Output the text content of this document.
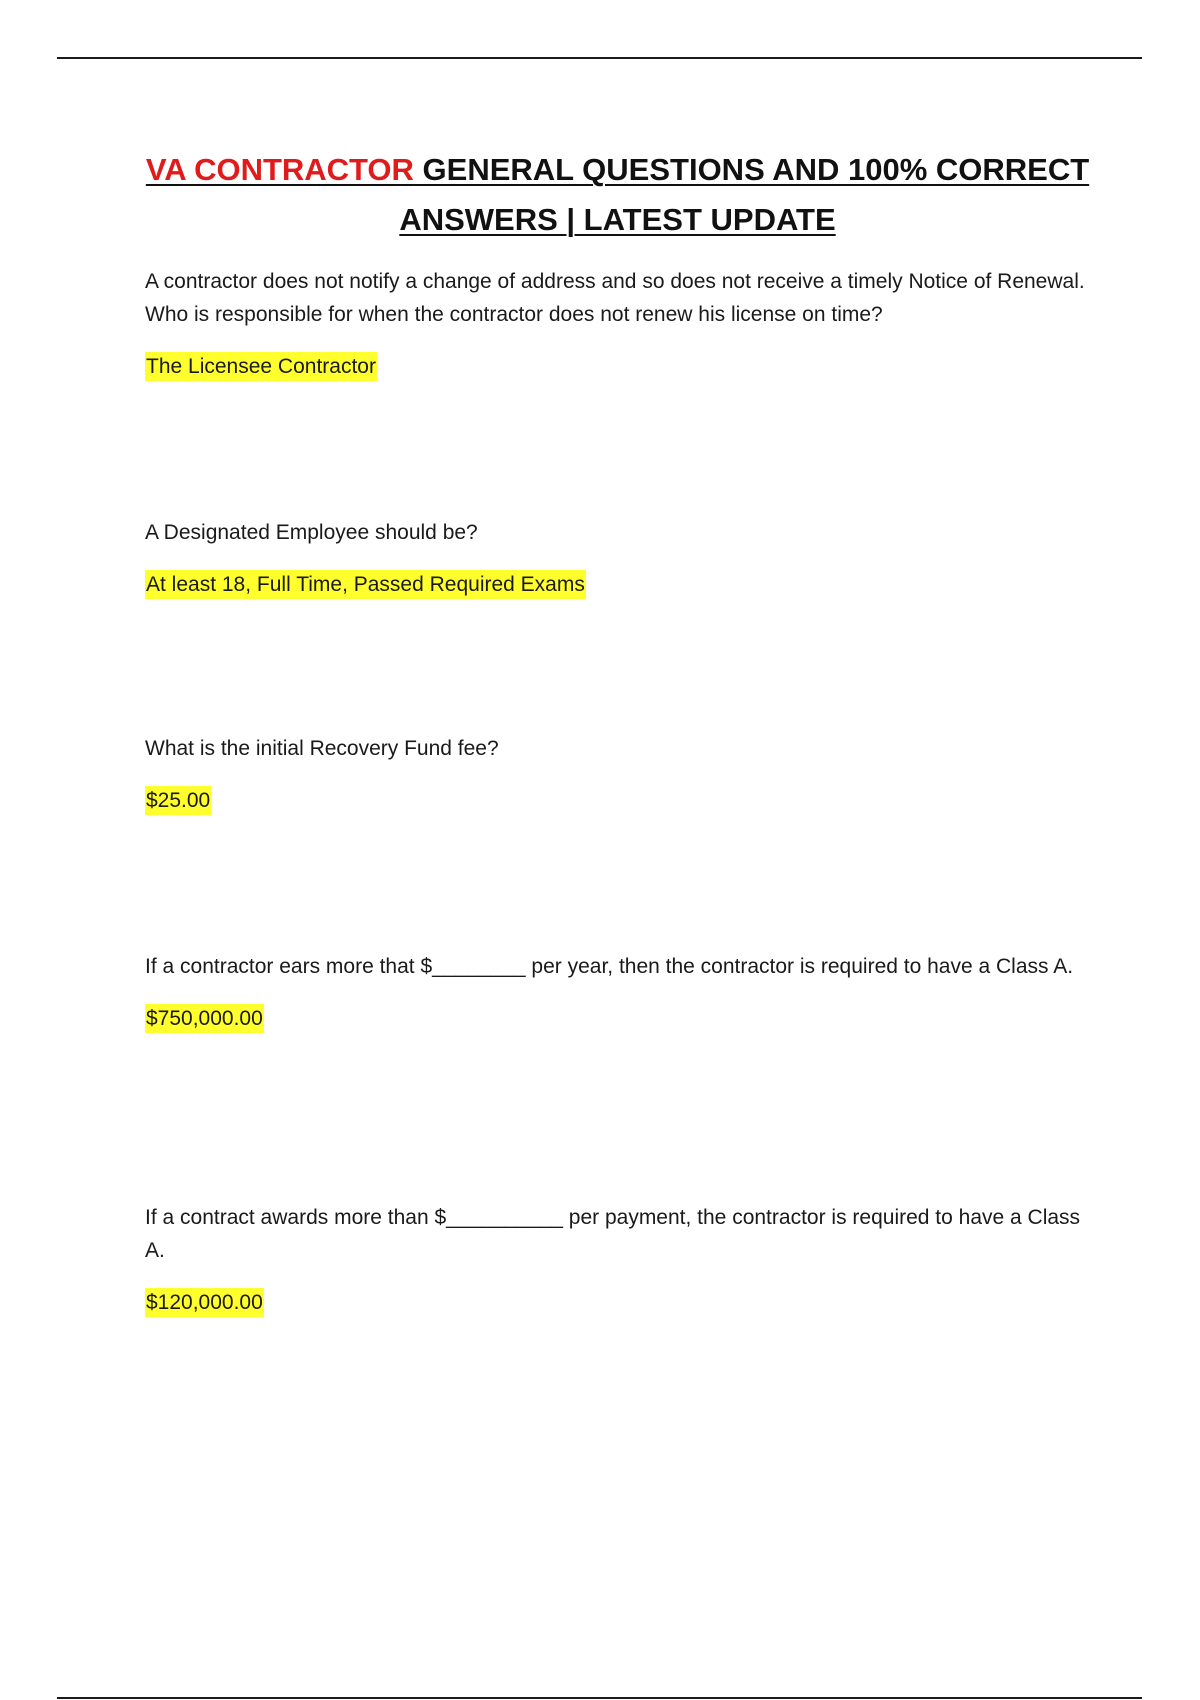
VA CONTRACTOR GENERAL QUESTIONS AND 100% CORRECT ANSWERS | LATEST UPDATE

A contractor does not notify a change of address and so does not receive a timely Notice of Renewal. Who is responsible for when the contractor does not renew his license on time?

The Licensee Contractor

A Designated Employee should be?

At least 18, Full Time, Passed Required Exams

What is the initial Recovery Fund fee?

$25.00

If a contractor ears more that $________ per year, then the contractor is required to have a Class A.

$750,000.00

If a contract awards more than $__________ per payment, the contractor is required to have a Class A.

$120,000.00
